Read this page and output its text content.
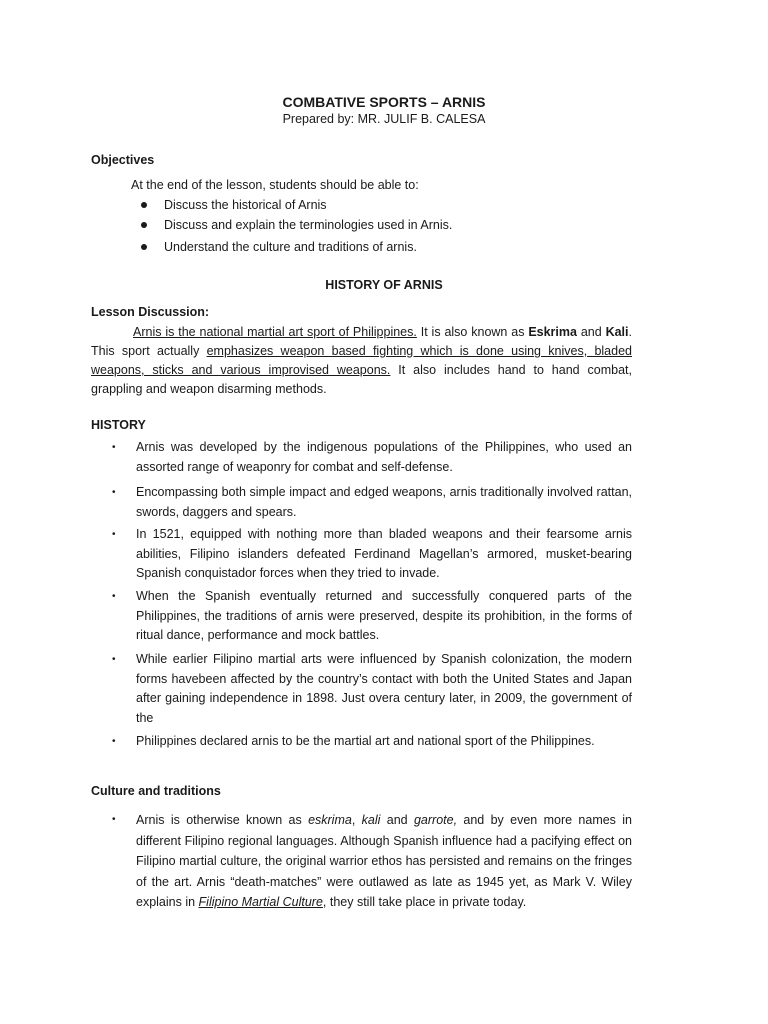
COMBATIVE SPORTS – ARNIS
Prepared by: MR. JULIF B. CALESA
Objectives
At the end of the lesson, students should be able to:
Discuss the historical of Arnis
Discuss and explain the terminologies used in Arnis.
Understand the culture and traditions of arnis.
HISTORY OF ARNIS
Lesson Discussion:
Arnis is the national martial art sport of Philippines. It is also known as Eskrima and Kali. This sport actually emphasizes weapon based fighting which is done using knives, bladed weapons, sticks and various improvised weapons. It also includes hand to hand combat, grappling and weapon disarming methods.
HISTORY
•	Arnis was developed by the indigenous populations of the Philippines, who used an assorted range of weaponry for combat and self-defense.
•	Encompassing both simple impact and edged weapons, arnis traditionally involved rattan, swords, daggers and spears.
•	In 1521, equipped with nothing more than bladed weapons and their fearsome arnis abilities, Filipino islanders defeated Ferdinand Magellan’s armored, musket-bearing Spanish conquistador forces when they tried to invade.
•	When the Spanish eventually returned and successfully conquered parts of the Philippines, the traditions of arnis were preserved, despite its prohibition, in the forms of ritual dance, performance and mock battles.
•	While earlier Filipino martial arts were influenced by Spanish colonization, the modern forms havebeen affected by the country’s contact with both the United States and Japan after gaining independence in 1898. Just overa century later, in 2009, the government of the
•	Philippines declared arnis to be the martial art and national sport of the Philippines.
Culture and traditions
•	Arnis is otherwise known as eskrima, kali and garrote, and by even more names in different Filipino regional languages. Although Spanish influence had a pacifying effect on Filipino martial culture, the original warrior ethos has persisted and remains on the fringes of the art. Arnis “death-matches” were outlawed as late as 1945 yet, as Mark V. Wiley explains in Filipino Martial Culture, they still take place in private today.
